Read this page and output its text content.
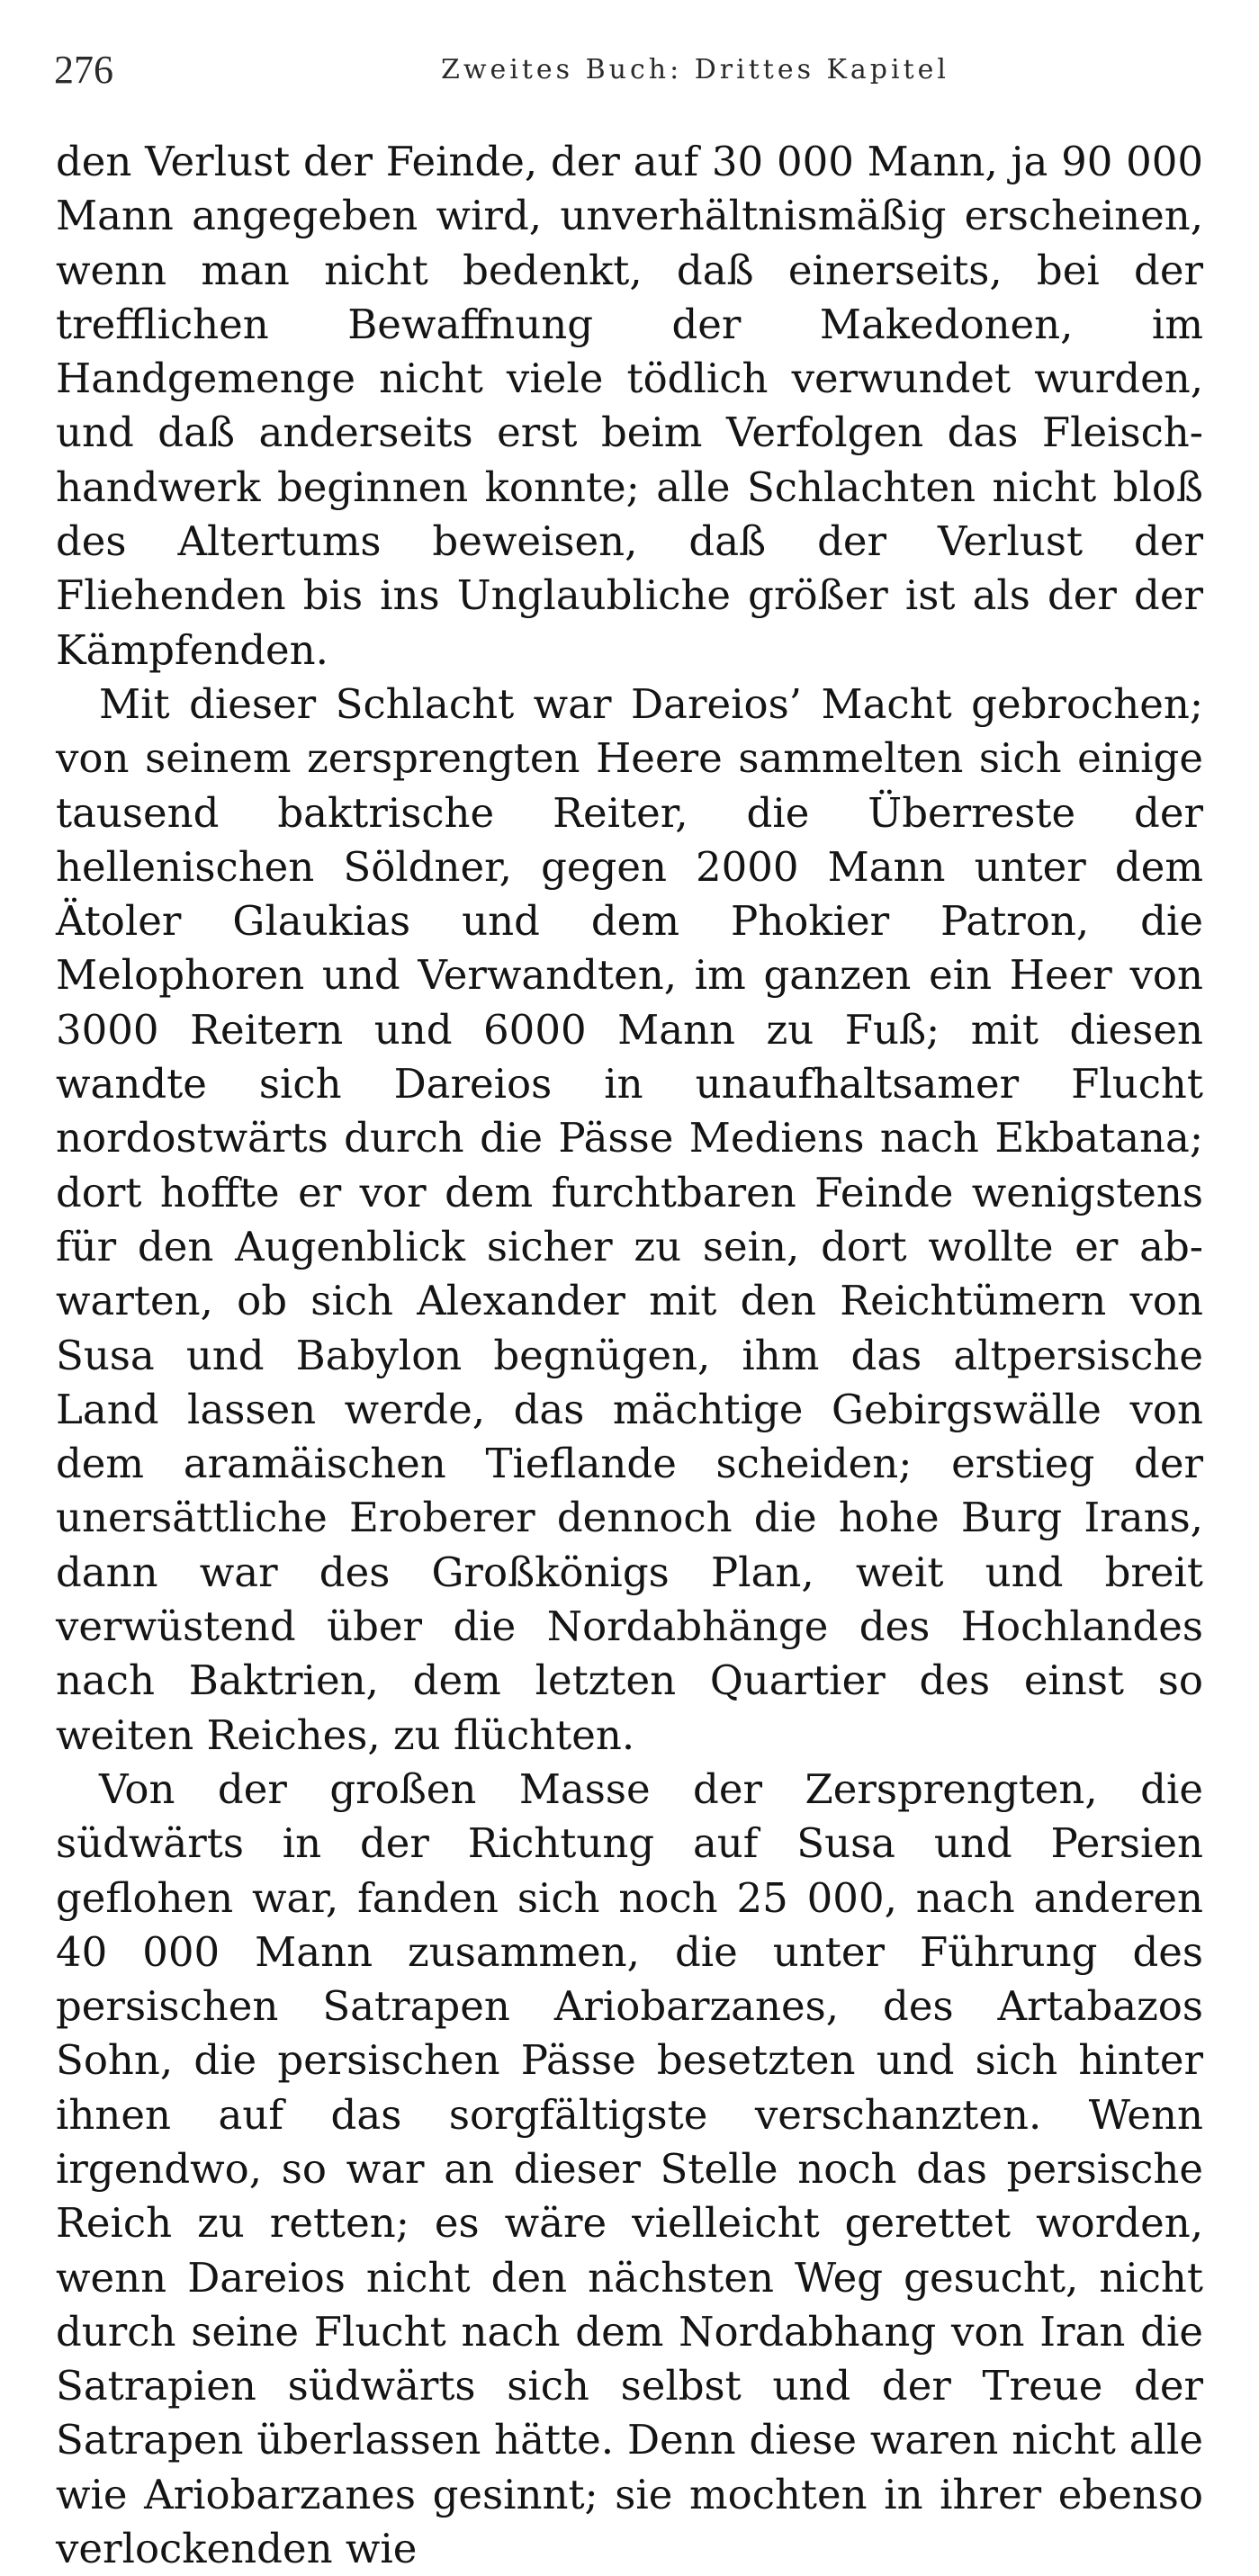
276	Zweites Buch: Drittes Kapitel

den Verlust der Feinde, der auf 30 000 Mann, ja 90 000 Mann angegeben wird, unverhältnismäßig erscheinen, wenn man nicht bedenkt, daß einerseits, bei der trefflichen Bewaffnung der Makedonen, im Handgemenge nicht viele tödlich verwundet wurden, und daß anderseits erst beim Verfolgen das Fleischhandwerk beginnen konnte; alle Schlachten nicht bloß des Altertums beweisen, daß der Verlust der Fliehenden bis ins Unglaubliche größer ist als der der Kämpfenden.

Mit dieser Schlacht war Dareios’ Macht gebrochen; von seinem zersprengten Heere sammelten sich einige tausend baktrische Reiter, die Überreste der hellenischen Söldner, gegen 2000 Mann unter dem Ätoler Glaukias und dem Phokier Patron, die Melophoren und Verwandten, im ganzen ein Heer von 3000 Reitern und 6000 Mann zu Fuß; mit diesen wandte sich Dareios in unaufhaltsamer Flucht nordostwärts durch die Pässe Mediens nach Ekbatana; dort hoffte er vor dem furchtbaren Feinde wenigstens für den Augenblick sicher zu sein, dort wollte er abwarten, ob sich Alexander mit den Reichtümern von Susa und Babylon begnügen, ihm das altpersische Land lassen werde, das mächtige Gebirgswälle von dem aramäischen Tieflande scheiden; erstieg der unersättliche Eroberer dennoch die hohe Burg Irans, dann war des Großkönigs Plan, weit und breit verwüstend über die Nordabhänge des Hochlandes nach Baktrien, dem letzten Quartier des einst so weiten Reiches, zu flüchten.

Von der großen Masse der Zersprengten, die südwärts in der Richtung auf Susa und Persien geflohen war, fanden sich noch 25 000, nach anderen 40 000 Mann zusammen, die unter Führung des persischen Satrapen Ariobarzanes, des Artabazos Sohn, die persischen Pässe besetzten und sich hinter ihnen auf das sorgfältigste verschanzten. Wenn irgendwo, so war an dieser Stelle noch das persische Reich zu retten; es wäre vielleicht gerettet worden, wenn Dareios nicht den nächsten Weg gesucht, nicht durch seine Flucht nach dem Nordabhang von Iran die Satrapien südwärts sich selbst und der Treue der Satrapen überlassen hätte. Denn diese waren nicht alle wie Ariobarzanes gesinnt; sie mochten in ihrer ebenso verlockenden wie
